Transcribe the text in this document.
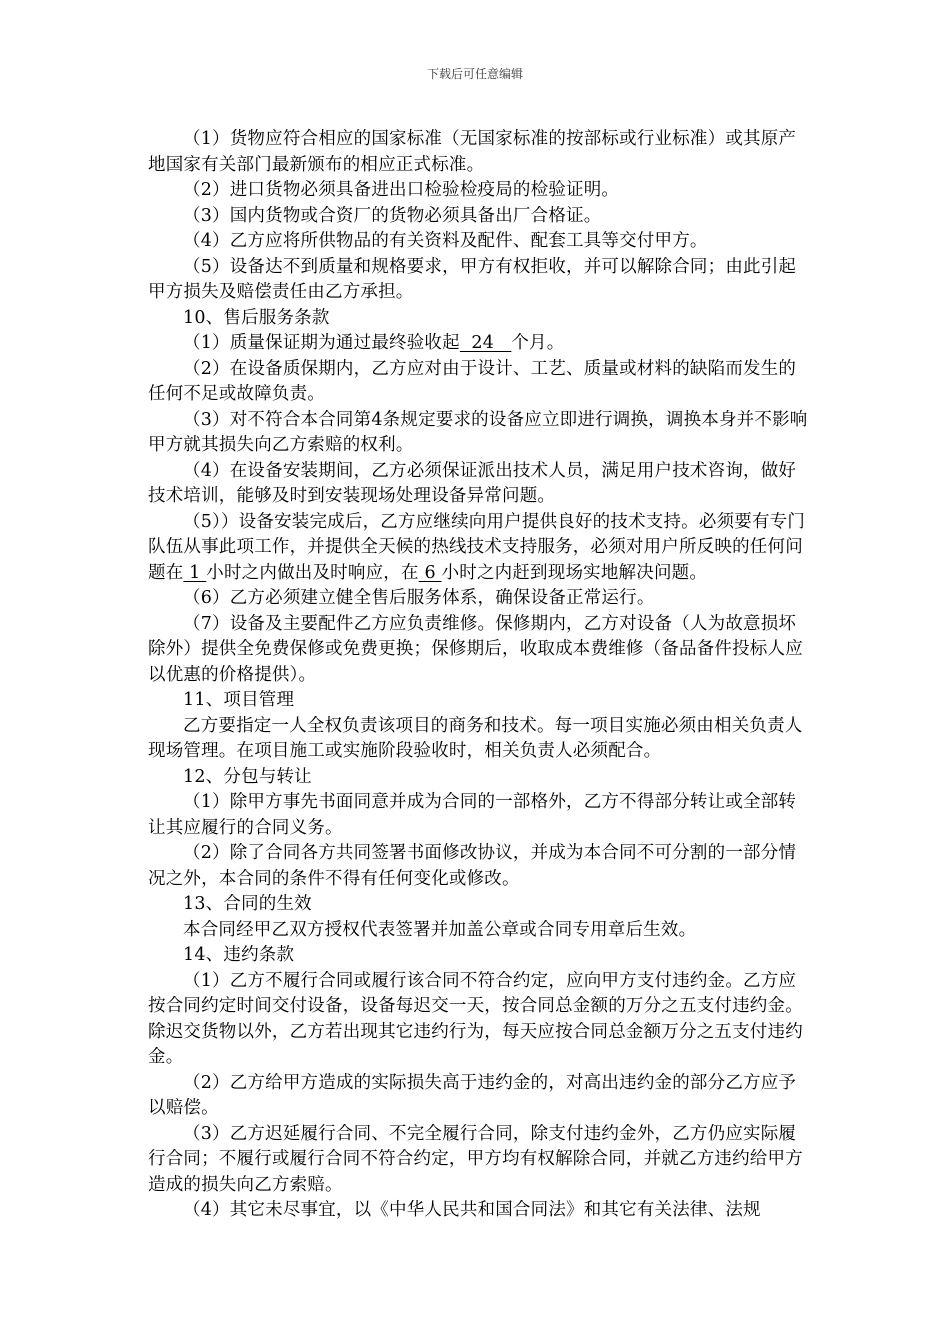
下载后可任意编辑

（1）货物应符合相应的国家标准（无国家标准的按部标或行业标准）或其原产地国家有关部门最新颁布的相应正式标准。

（2）进口货物必须具备进出口检验检疫局的检验证明。

（3）国内货物或合资厂的货物必须具备出厂合格证。

（4）乙方应将所供物品的有关资料及配件、配套工具等交付甲方。

（5）设备达不到质量和规格要求，甲方有权拒收，并可以解除合同；由此引起甲方损失及赔偿责任由乙方承担。

10、售后服务条款

（1）质量保证期为通过最终验收起  24   个月。

（2）在设备质保期内，乙方应对由于设计、工艺、质量或材料的缺陷而发生的任何不足或故障负责。

（3）对不符合本合同第4条规定要求的设备应立即进行调换，调换本身并不影响甲方就其损失向乙方索赔的权利。

（4）在设备安装期间，乙方必须保证派出技术人员，满足用户技术咨询，做好技术培训，能够及时到安装现场处理设备异常问题。

（5））设备安装完成后，乙方应继续向用户提供良好的技术支持。必须要有专门队伍从事此项工作，并提供全天候的热线技术支持服务，必须对用户所反映的任何问题在 1 小时之内做出及时响应，在 6 小时之内赶到现场实地解决问题。

（6）乙方必须建立健全售后服务体系，确保设备正常运行。

（7）设备及主要配件乙方应负责维修。保修期内，乙方对设备（人为故意损坏除外）提供全免费保修或免费更换；保修期后，收取成本费维修（备品备件投标人应以优惠的价格提供）。

11、项目管理

乙方要指定一人全权负责该项目的商务和技术。每一项目实施必须由相关负责人现场管理。在项目施工或实施阶段验收时，相关负责人必须配合。

12、分包与转让

（1）除甲方事先书面同意并成为合同的一部格外，乙方不得部分转让或全部转让其应履行的合同义务。

（2）除了合同各方共同签署书面修改协议，并成为本合同不可分割的一部分情况之外，本合同的条件不得有任何变化或修改。

13、合同的生效

本合同经甲乙双方授权代表签署并加盖公章或合同专用章后生效。

14、违约条款

（1）乙方不履行合同或履行该合同不符合约定，应向甲方支付违约金。乙方应按合同约定时间交付设备，设备每迟交一天，按合同总金额的万分之五支付违约金。除迟交货物以外，乙方若出现其它违约行为，每天应按合同总金额万分之五支付违约金。

（2）乙方给甲方造成的实际损失高于违约金的，对高出违约金的部分乙方应予以赔偿。

（3）乙方迟延履行合同、不完全履行合同，除支付违约金外，乙方仍应实际履行合同；不履行或履行合同不符合约定，甲方均有权解除合同，并就乙方违约给甲方造成的损失向乙方索赔。

（4）其它未尽事宜，以《中华人民共和国合同法》和其它有关法律、法规
